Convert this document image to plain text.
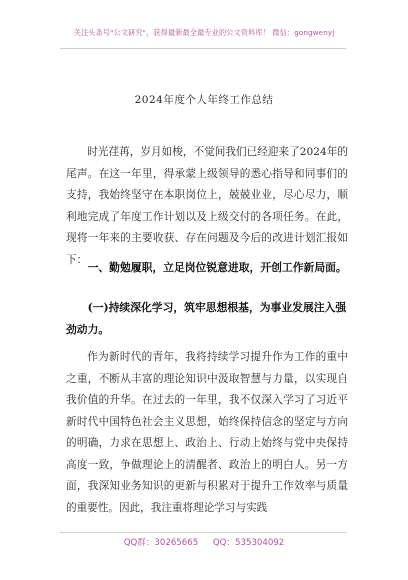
关注头条号"公文研究"，获得最新最全最专业的公文资料库！ 微信：gongwenyj
2024年度个人年终工作总结

时光荏苒，岁月如梭，不觉间我们已经迎来了2024年的尾声。在这一年里，得承蒙上级领导的悉心指导和同事们的支持，我始终坚守在本职岗位上，兢兢业业，尽心尽力，顺利地完成了年度工作计划以及上级交付的各项任务。在此，现将一年来的主要收获、存在问题及今后的改进计划汇报如下：

一、勤勉履职，立足岗位锐意进取，开创工作新局面。
(一)持续深化学习，筑牢思想根基，为事业发展注入强劲动力。

作为新时代的青年，我将持续学习提升作为工作的重中之重，不断从丰富的理论知识中汲取智慧与力量，以实现自我价值的升华。在过去的一年里，我不仅深入学习了习近平新时代中国特色社会主义思想，始终保持信念的坚定与方向的明确，力求在思想上、政治上、行动上始终与党中央保持高度一致，争做理论上的清醒者、政治上的明白人。另一方面，我深知业务知识的更新与积累对于提升工作效率与质量的重要性。因此，我注重将理论学习与实践

QQ群：30265665 QQ：535304092
